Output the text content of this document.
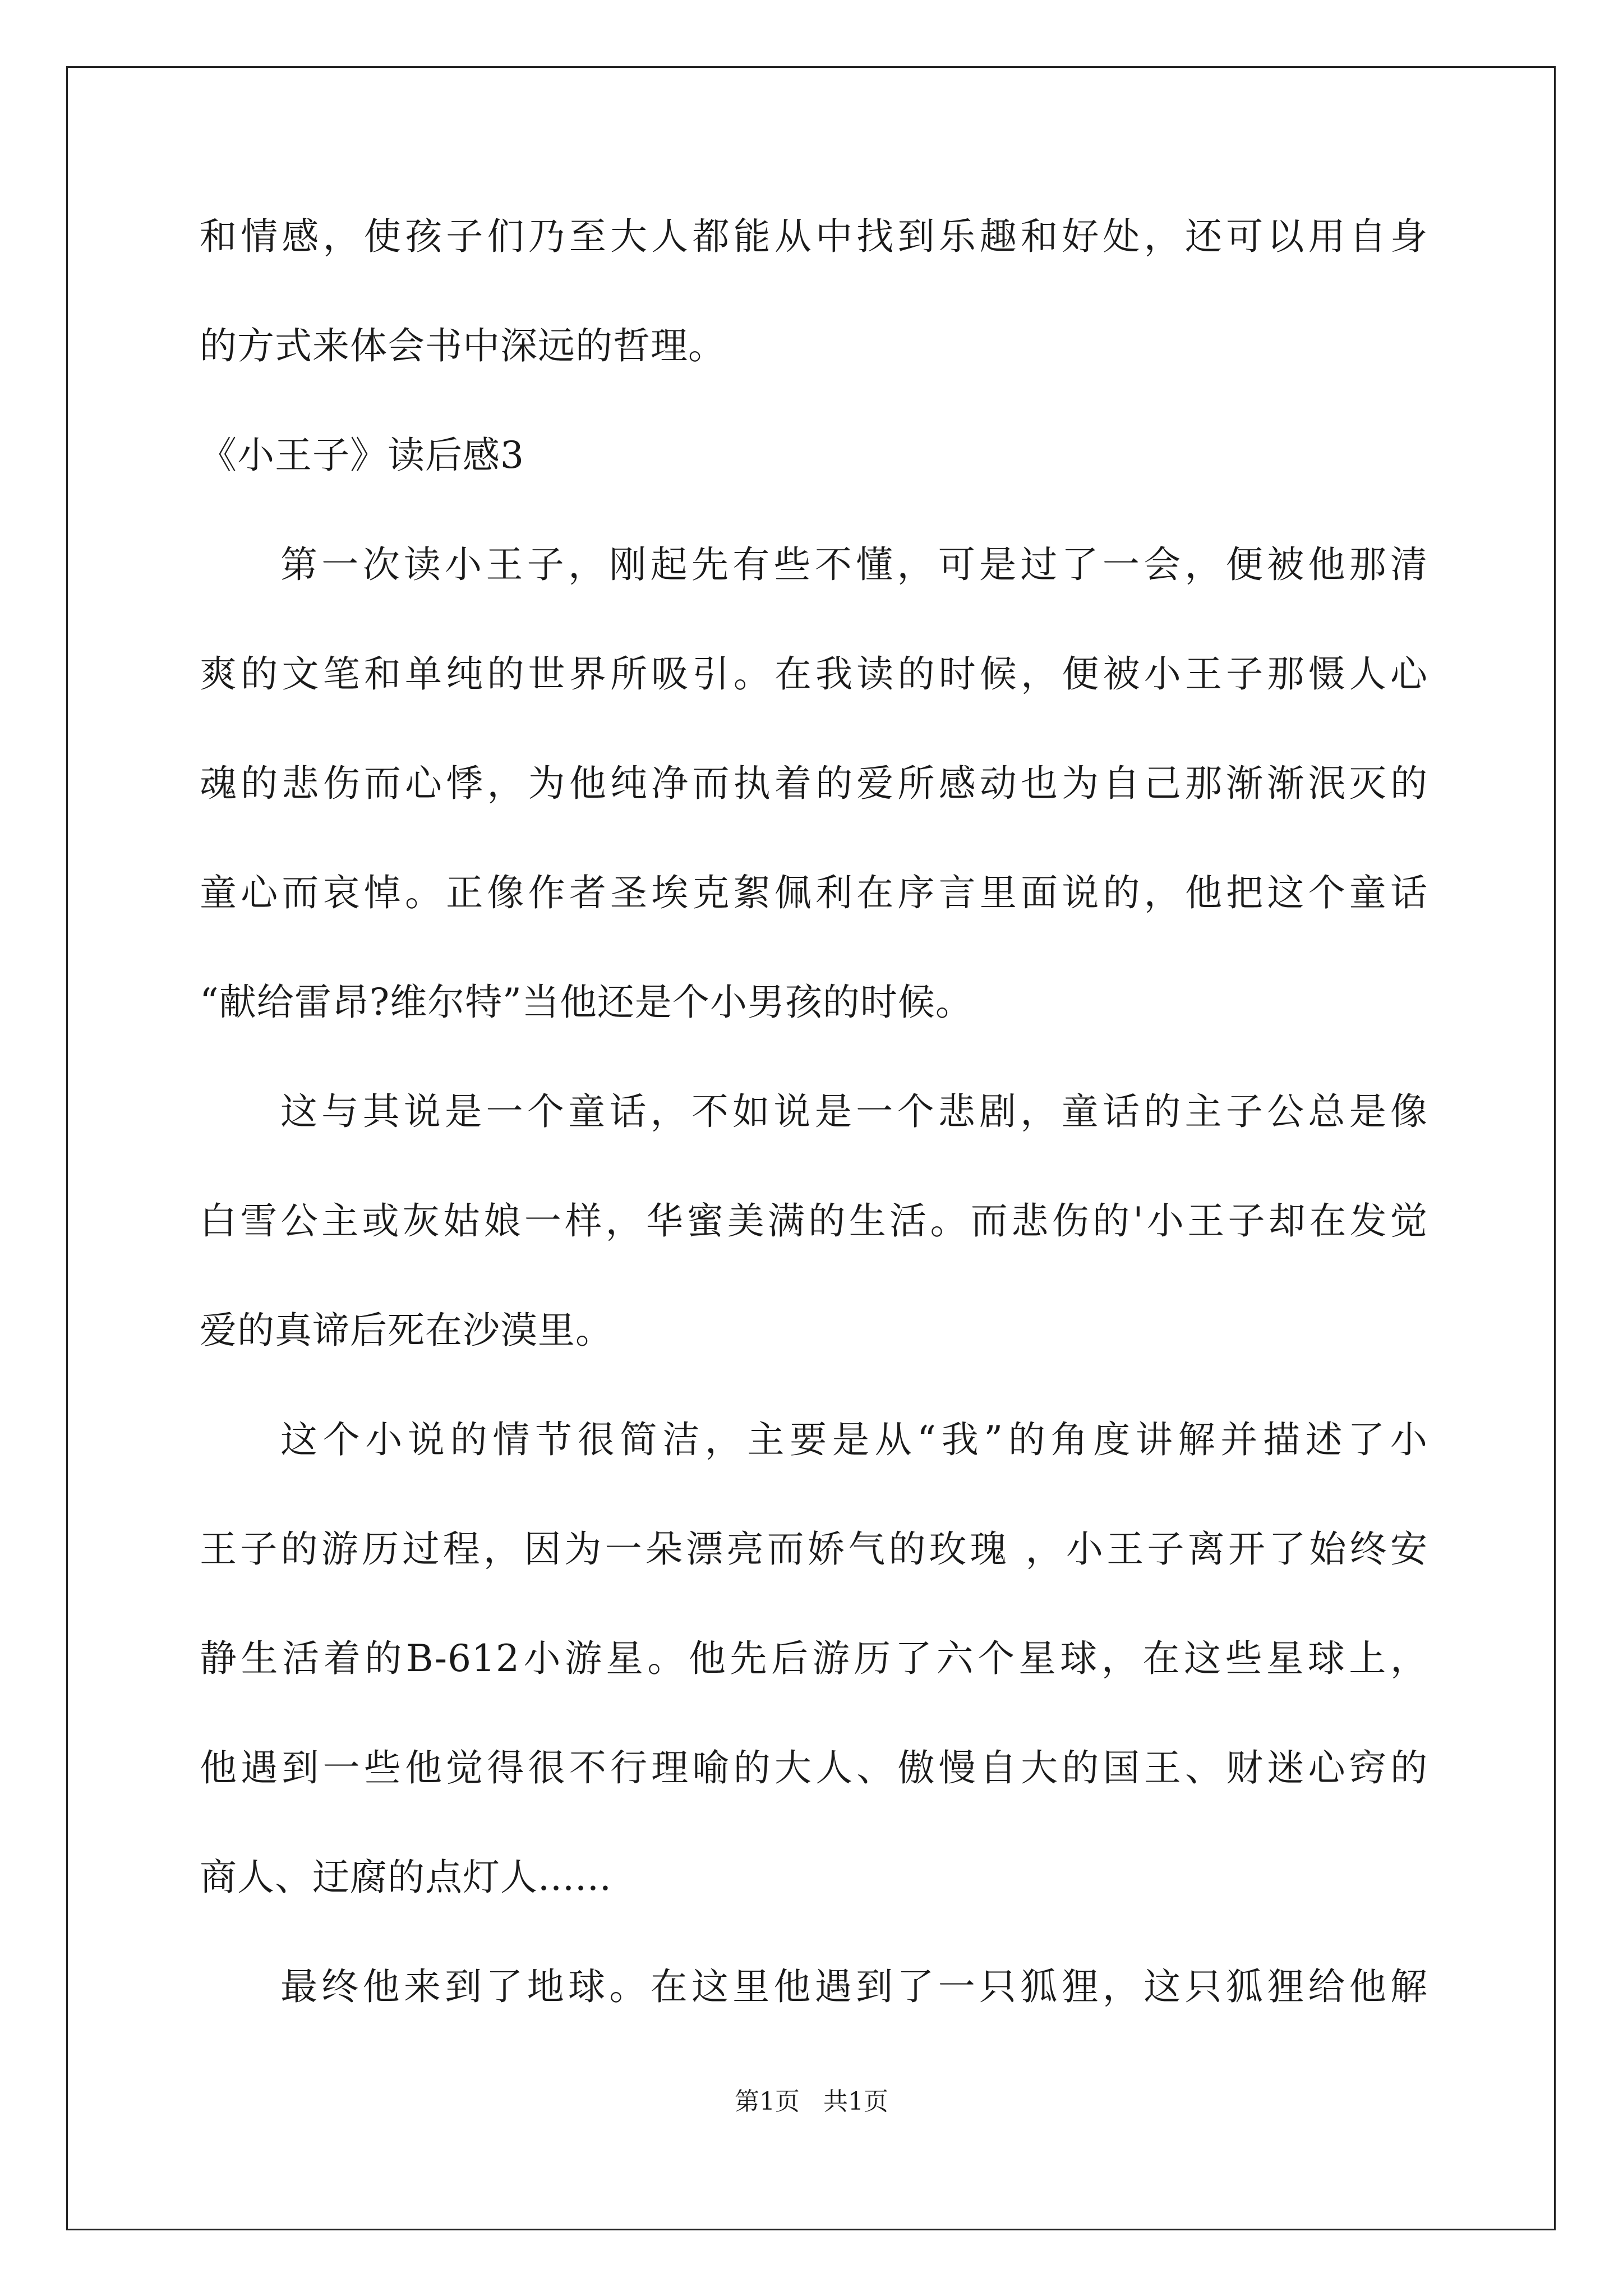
和情感，使孩子们乃至大人都能从中找到乐趣和好处，还可以用自身
的方式来体会书中深远的哲理。
《小王子》读后感3
第一次读小王子，刚起先有些不懂，可是过了一会，便被他那清
爽的文笔和单纯的世界所吸引。在我读的时候，便被小王子那慑人心
魂的悲伤而心悸，为他纯净而执着的爱所感动也为自己那渐渐泯灭的
童心而哀悼。正像作者圣埃克絮佩利在序言里面说的，他把这个童话
“献给雷昂?维尔特”当他还是个小男孩的时候。
这与其说是一个童话，不如说是一个悲剧，童话的主子公总是像
白雪公主或灰姑娘一样，华蜜美满的生活。而悲伤的'小王子却在发觉
爱的真谛后死在沙漠里。
这个小说的情节很简洁，主要是从“我”的角度讲解并描述了小
王子的游历过程，因为一朵漂亮而娇气的玫瑰 ，小王子离开了始终安
静生活着的B-612小游星。他先后游历了六个星球，在这些星球上，
他遇到一些他觉得很不行理喻的大人、傲慢自大的国王、财迷心窍的
商人、迂腐的点灯人......
最终他来到了地球。在这里他遇到了一只狐狸，这只狐狸给他解
第1页 共1页
